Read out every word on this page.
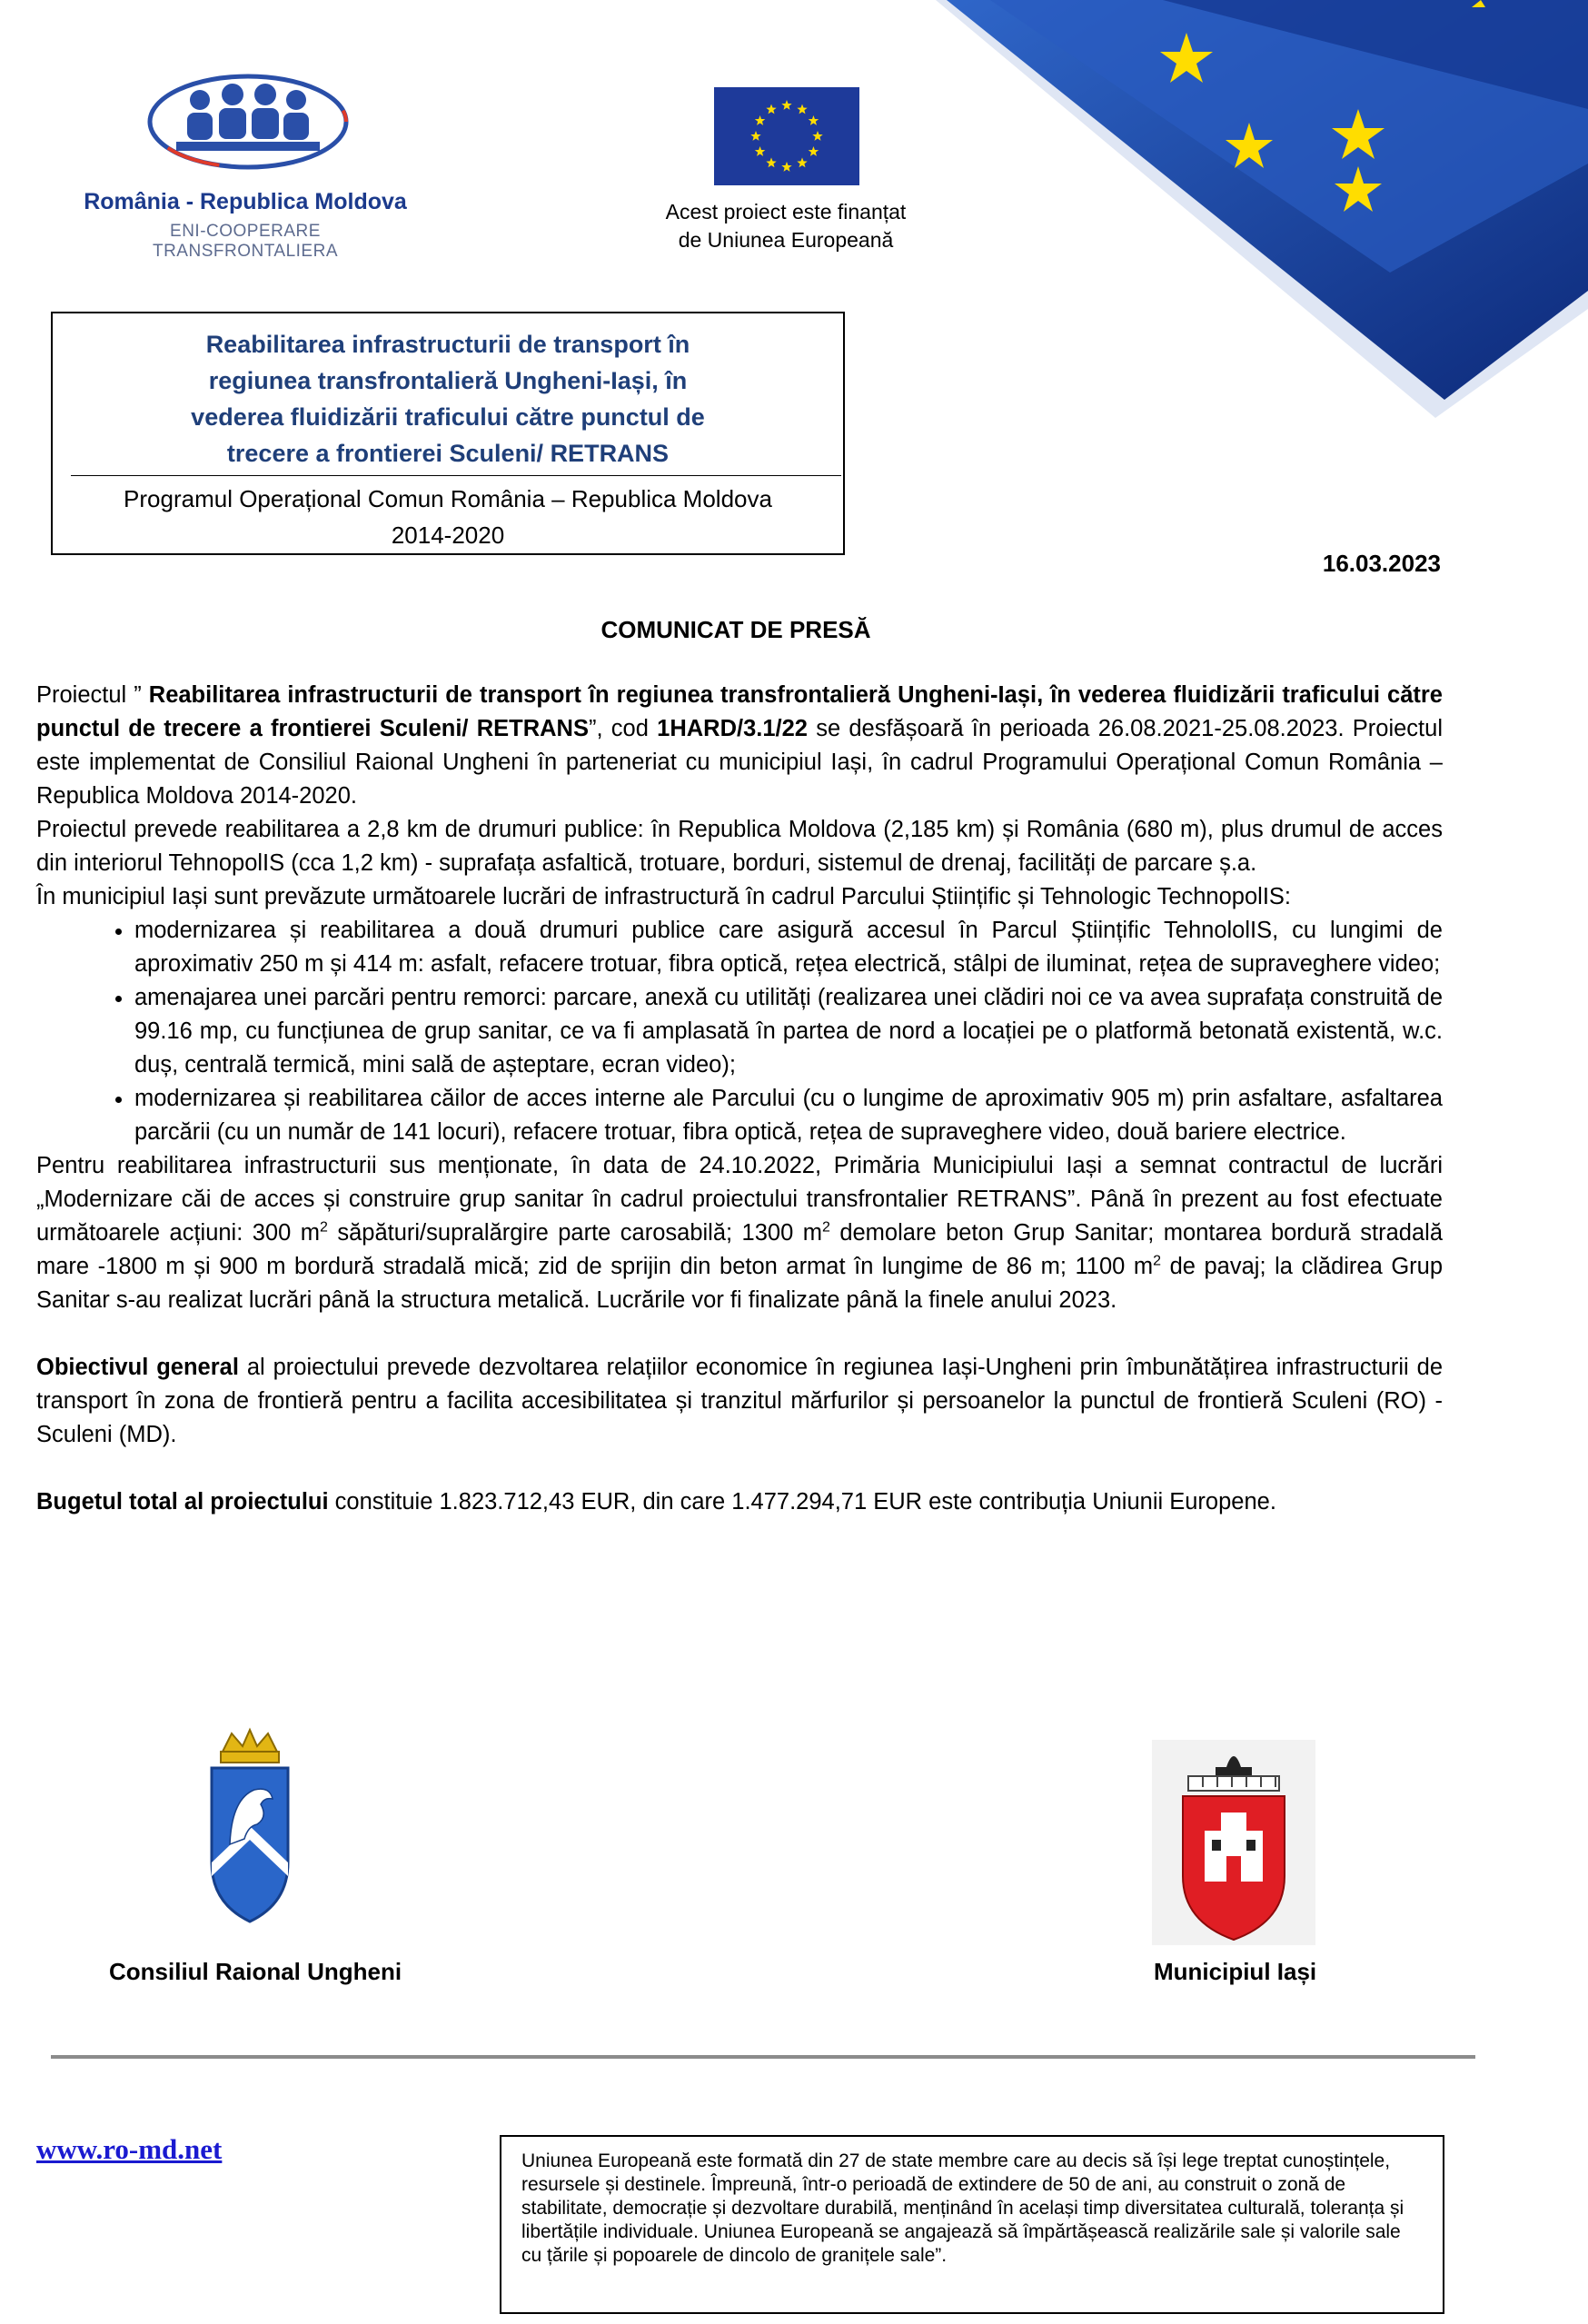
România - Republica Moldova
ENI-COOPERARE TRANSFRONTALIERA
Acest proiect este finanțat
de Uniunea Europeană
Reabilitarea infrastructurii de transport în
regiunea transfrontalieră Ungheni-Iași, în
vederea fluidizării traficului către punctul de
trecere a frontierei Sculeni/ RETRANS
Programul Operațional Comun România – Republica Moldova
2014-2020
16.03.2023
COMUNICAT DE PRESĂ

Proiectul ” Reabilitarea infrastructurii de transport în regiunea transfrontalieră Ungheni-Iași, în vederea fluidizării traficului către punctul de trecere a frontierei Sculeni/ RETRANS”, cod 1HARD/3.1/22 se desfășoară în perioada 26.08.2021-25.08.2023. Proiectul este implementat de Consiliul Raional Ungheni în parteneriat cu municipiul Iași, în cadrul Programului Operațional Comun România – Republica Moldova 2014-2020.

Proiectul prevede reabilitarea a 2,8 km de drumuri publice: în Republica Moldova (2,185 km) și România (680 m), plus drumul de acces din interiorul TehnopolIS (cca 1,2 km) - suprafața asfaltică, trotuare, borduri, sistemul de drenaj, facilități de parcare ș.a.

În municipiul Iași sunt prevăzute următoarele lucrări de infrastructură în cadrul Parcului Științific și Tehnologic TechnopolIS:

• modernizarea și reabilitarea a două drumuri publice care asigură accesul în Parcul Științific TehnololIS, cu lungimi de aproximativ 250 m și 414 m: asfalt, refacere trotuar, fibra optică, rețea electrică, stâlpi de iluminat, rețea de supraveghere video;
• amenajarea unei parcări pentru remorci: parcare, anexă cu utilități (realizarea unei clădiri noi ce va avea suprafața construită de 99.16 mp, cu funcțiunea de grup sanitar, ce va fi amplasată în partea de nord a locației pe o platformă betonată existentă, w.c. duș, centrală termică, mini sală de așteptare, ecran video);
• modernizarea și reabilitarea căilor de acces interne ale Parcului (cu o lungime de aproximativ 905 m) prin asfaltare, asfaltarea parcării (cu un număr de 141 locuri), refacere trotuar, fibra optică, rețea de supraveghere video, două bariere electrice.

Pentru reabilitarea infrastructurii sus menționate, în data de 24.10.2022, Primăria Municipiului Iași a semnat contractul de lucrări „Modernizare căi de acces și construire grup sanitar în cadrul proiectului transfrontalier RETRANS”. Până în prezent au fost efectuate următoarele acțiuni: 300 $m^2$ săpături/supralărgire parte carosabilă; 1300 $m^2$ demolare beton Grup Sanitar; montarea bordură stradală mare -1800 m și 900 m bordură stradală mică; zid de sprijin din beton armat în lungime de 86 m; 1100 $m^2$ de pavaj; la clădirea Grup Sanitar s-au realizat lucrări până la structura metalică. Lucrările vor fi finalizate până la finele anului 2023.

Obiectivul general al proiectului prevede dezvoltarea relațiilor economice în regiunea Iași-Ungheni prin îmbunătățirea infrastructurii de transport în zona de frontieră pentru a facilita accesibilitatea și tranzitul mărfurilor și persoanelor la punctul de frontieră Sculeni (RO) - Sculeni (MD).

Bugetul total al proiectului constituie 1.823.712,43 EUR, din care 1.477.294,71 EUR este contribuția Uniunii Europene.

Consiliul Raional Ungheni	Municipiul Iași
www.ro-md.net	Uniunea Europeană este formată din 27 de state membre care au decis să își lege treptat cunoștințele, resursele și destinele. Împreună, într-o perioadă de extindere de 50 de ani, au construit o zonă de stabilitate, democrație și dezvoltare durabilă, menținând în același timp diversitatea culturală, toleranța și libertățile individuale. Uniunea Europeană se angajează să împărtășească realizările sale și valorile sale cu țările și popoarele de dincolo de granițele sale”.
